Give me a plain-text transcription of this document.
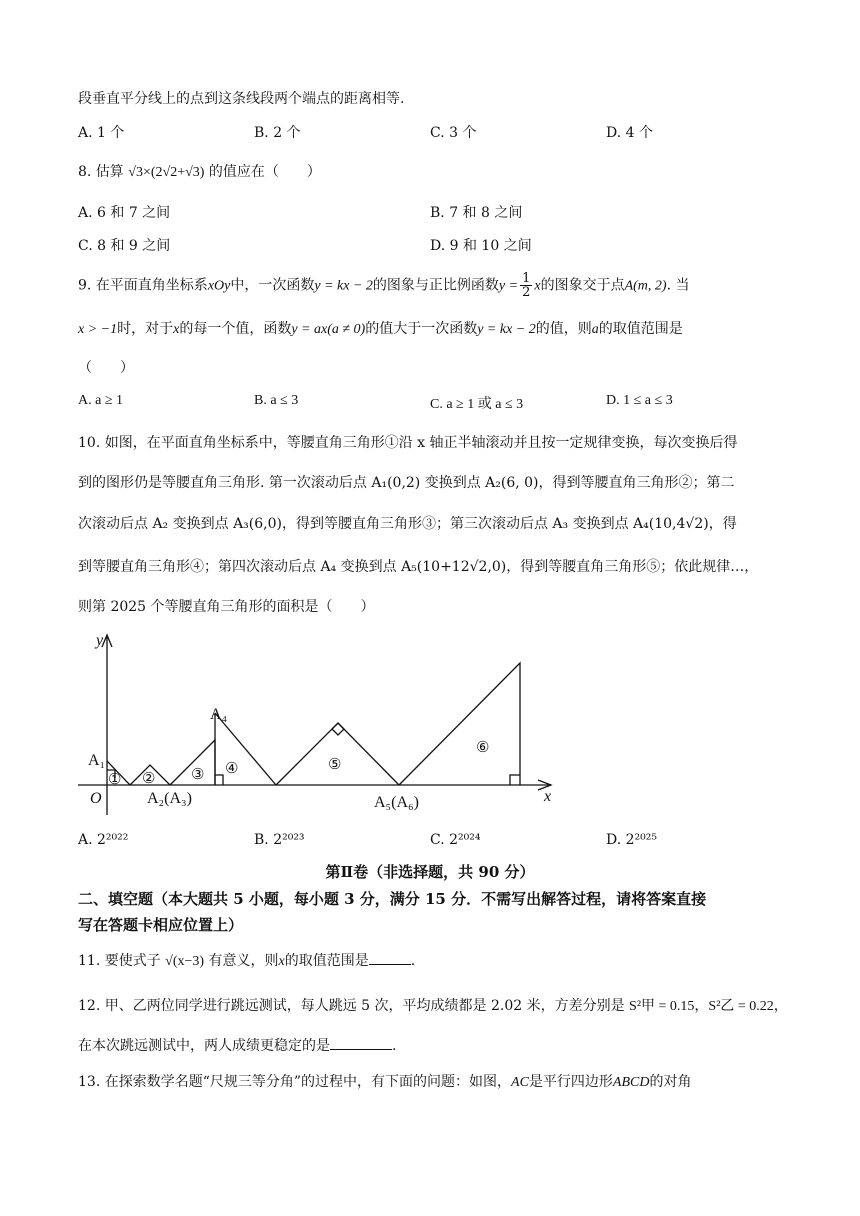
段垂直平分线上的点到这条线段两个端点的距离相等.
A. 1 个	B. 2 个	C. 3 个	D. 4 个
8. 估算 √3×(2√2+√3) 的值应在（　　）
A. 6 和 7 之间	B. 7 和 8 之间
C. 8 和 9 之间	D. 9 和 10 之间
9. 在平面直角坐标系xOy中，一次函数y = kx − 2的图象与正比例函数$y = \frac{1}{2}$ x的图象交于点A(m, 2). 当
x > −1时，对于x的每一个值，函数y = ax(a ≠ 0)的值大于一次函数y = kx − 2的值，则a的取值范围是
（　　）
A. a ≥ 1	B. a ≤ 3	C. a ≥ 1 或 a ≤ 3	D. 1 ≤ a ≤ 3
10. 如图，在平面直角坐标系中，等腰直角三角形①沿 x 轴正半轴滚动并且按一定规律变换，每次变换后得
到的图形仍是等腰直角三角形. 第一次滚动后点 A₁(0,2) 变换到点 A₂(6, 0)，得到等腰直角三角形②；第二
次滚动后点 A₂ 变换到点 A₃(6,0)，得到等腰直角三角形③；第三次滚动后点 A₃ 变换到点 A₄(10,4√2)，得
到等腰直角三角形④；第四次滚动后点 A₄ 变换到点 A₅(10+12√2,0)，得到等腰直角三角形⑤；依此规律…，
则第 2025 个等腰直角三角形的面积是（　　）
y
x
O
A₁
A₄
A₂(A₃)	A₅(A₆)
① ② ③ ④	⑤
⑥
A. 2²⁰²²	B. 2²⁰²³	C. 2²⁰²⁴	D. 2²⁰²⁵
第Ⅱ卷（非选择题，共 90 分）
二、填空题（本大题共 5 小题，每小题 3 分，满分 15 分．不需写出解答过程，请将答案直接
写在答题卡相应位置上）
11. 要使式子 √(x−3) 有意义，则x的取值范围是	.
12. 甲、乙两位同学进行跳远测试，每人跳远 5 次，平均成绩都是 2.02 米，方差分别是 S²甲 = 0.15，S²乙 = 0.22，
在本次跳远测试中，两人成绩更稳定的是	.
13. 在探索数学名题“尺规三等分角”的过程中，有下面的问题：如图，AC是平行四边形ABCD的对角
